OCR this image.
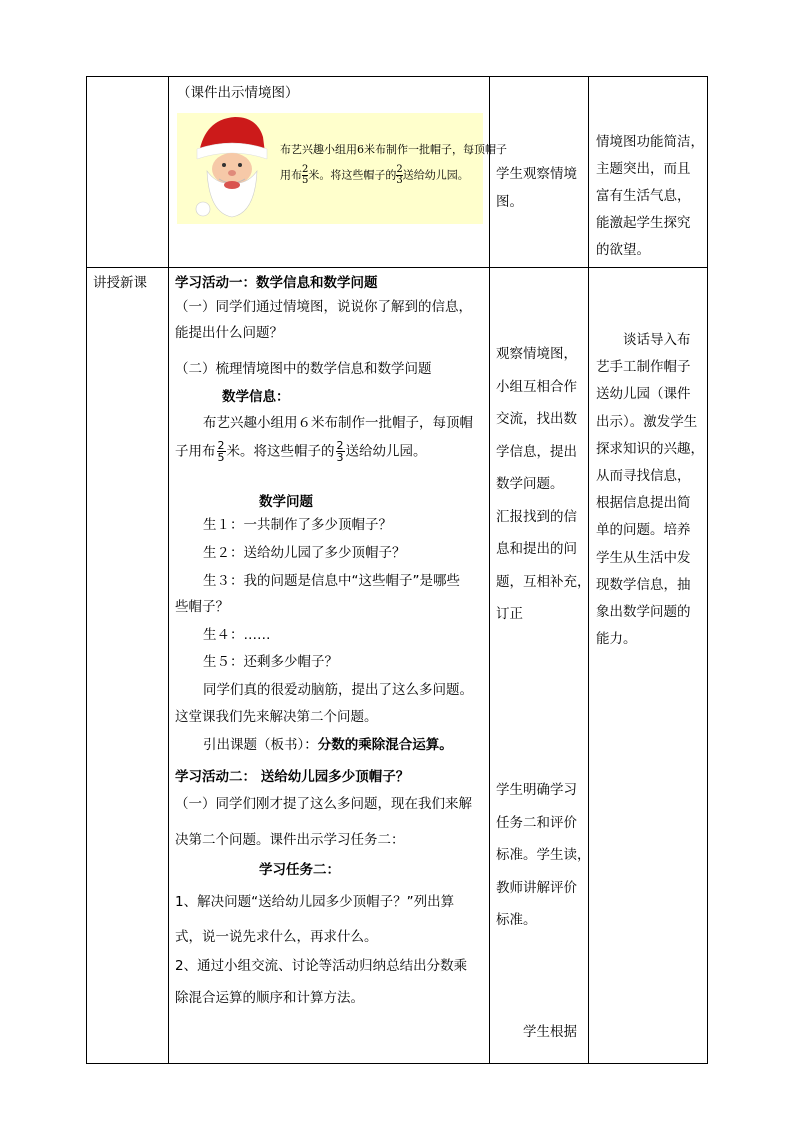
（课件出示情境图）
布艺兴趣小组用6米布制作一批帽子，每顶帽子
用布 $\frac{2}{5}$ 米。将这些帽子的 $\frac{2}{3}$ 送给幼儿园。 学生观察情境
图。
情境图功能简洁，
主题突出，而且
富有生活气息，
能激起学生探究
的欲望。
讲授新课 学习活动一：数学信息和数学问题
（一）同学们通过情境图，说说你了解到的信息，
能提出什么问题？
（二）梳理情境图中的数学信息和数学问题
数学信息：
布艺兴趣小组用６米布制作一批帽子，每顶帽
子用布 $\frac{2}{5}$ 米。将这些帽子的 $\frac{2}{3}$ 送给幼儿园。
数学问题
生１：一共制作了多少顶帽子？
生２：送给幼儿园了多少顶帽子？
生３：我的问题是信息中“这些帽子”是哪些
些帽子？
生４：……
生５：还剩多少帽子？
同学们真的很爱动脑筋，提出了这么多问题。
这堂课我们先来解决第二个问题。
引出课题（板书）：分数的乘除混合运算。
学习活动二： 送给幼儿园多少顶帽子？
（一）同学们刚才提了这么多问题，现在我们来解
决第二个问题。课件出示学习任务二：
学习任务二：
1、解决问题“送给幼儿园多少顶帽子？”列出算
式，说一说先求什么，再求什么。
2、通过小组交流、讨论等活动归纳总结出分数乘
除混合运算的顺序和计算方法。
观察情境图，
小组互相合作
交流，找出数
学信息，提出
数学问题。
汇报找到的信
息和提出的问
题，互相补充，
订正
学生明确学习
任务二和评价
标准。学生读，
教师讲解评价
标准。
学生根据
谈话导入布
艺手工制作帽子
送幼儿园（课件
出示）。激发学生
探求知识的兴趣，
从而寻找信息，
根据信息提出简
单的问题。培养
学生从生活中发
现数学信息，抽
象出数学问题的
能力。
